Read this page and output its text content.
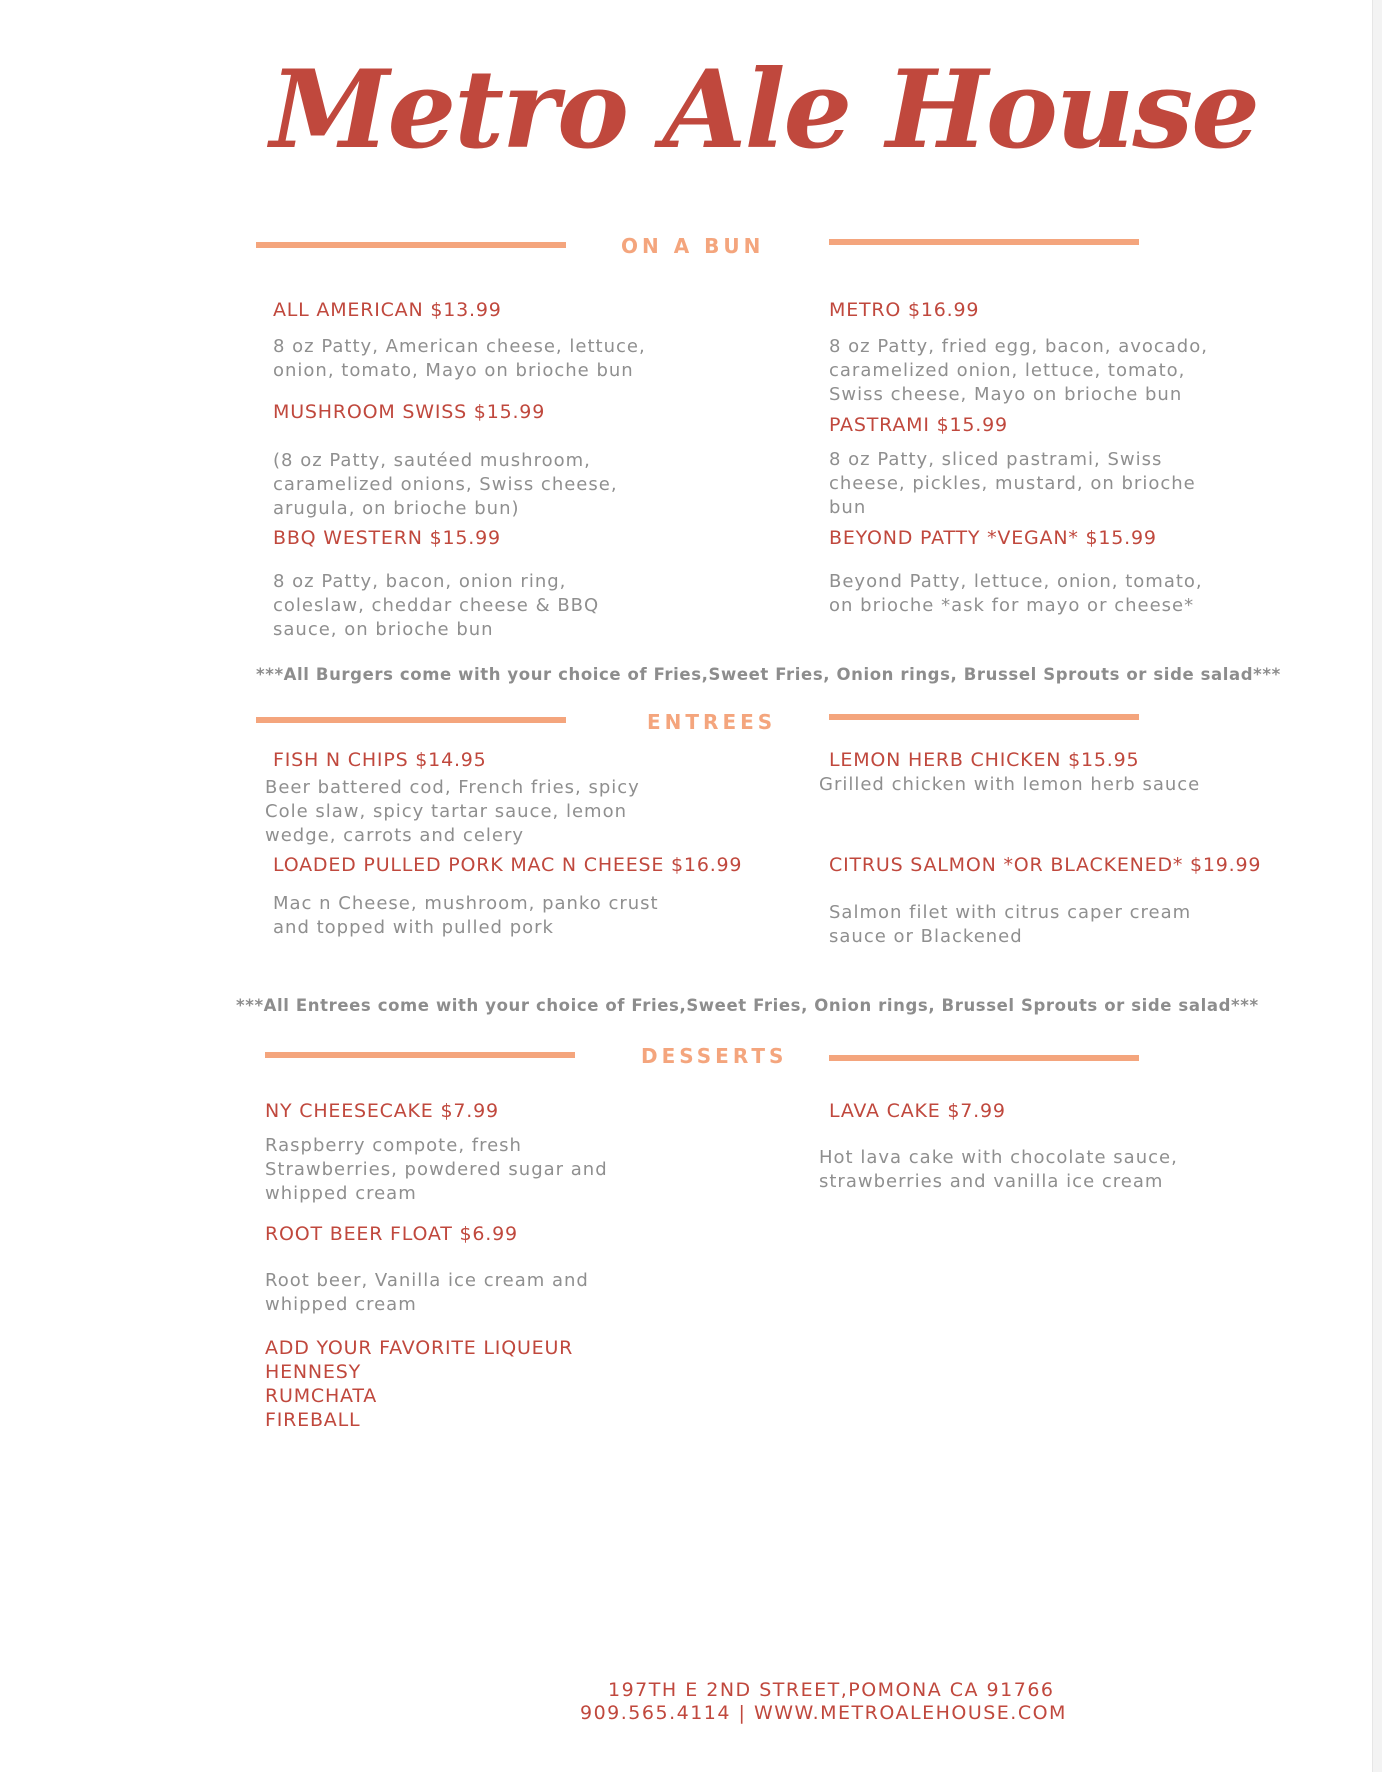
Metro Ale House
ON A BUN
ALL AMERICAN $13.99
8 oz Patty, American cheese, lettuce,
onion, tomato, Mayo on brioche bun
MUSHROOM SWISS $15.99
(8 oz Patty, sautéed mushroom,
caramelized onions, Swiss cheese,
arugula, on brioche bun)
BBQ WESTERN $15.99
8 oz Patty, bacon, onion ring,
coleslaw, cheddar cheese & BBQ
sauce, on brioche bun
METRO $16.99
8 oz Patty, fried egg, bacon, avocado,
caramelized onion, lettuce, tomato,
Swiss cheese, Mayo on brioche bun
PASTRAMI $15.99
8 oz Patty, sliced pastrami, Swiss
cheese, pickles, mustard, on brioche
bun
BEYOND PATTY *VEGAN* $15.99
Beyond Patty, lettuce, onion, tomato,
on brioche *ask for mayo or cheese*
***All Burgers come with your choice of Fries,Sweet Fries, Onion rings, Brussel Sprouts or side salad***
ENTREES
FISH N CHIPS $14.95
Beer battered cod, French fries, spicy
Cole slaw, spicy tartar sauce, lemon
wedge, carrots and celery
LOADED PULLED PORK MAC N CHEESE $16.99
Mac n Cheese, mushroom, panko crust
and topped with pulled pork
LEMON HERB CHICKEN $15.95
Grilled chicken with lemon herb sauce
CITRUS SALMON *OR BLACKENED* $19.99
Salmon filet with citrus caper cream
sauce or Blackened
***All Entrees come with your choice of Fries,Sweet Fries, Onion rings, Brussel Sprouts or side salad***
DESSERTS
NY CHEESECAKE $7.99
Raspberry compote, fresh
Strawberries, powdered sugar and
whipped cream
ROOT BEER FLOAT $6.99
Root beer, Vanilla ice cream and
whipped cream
LAVA CAKE $7.99
Hot lava cake with chocolate sauce,
strawberries and vanilla ice cream
ADD YOUR FAVORITE LIQUEUR
HENNESY
RUMCHATA
FIREBALL
197TH E 2ND STREET,POMONA CA 91766
909.565.4114 | WWW.METROALEHOUSE.COM
